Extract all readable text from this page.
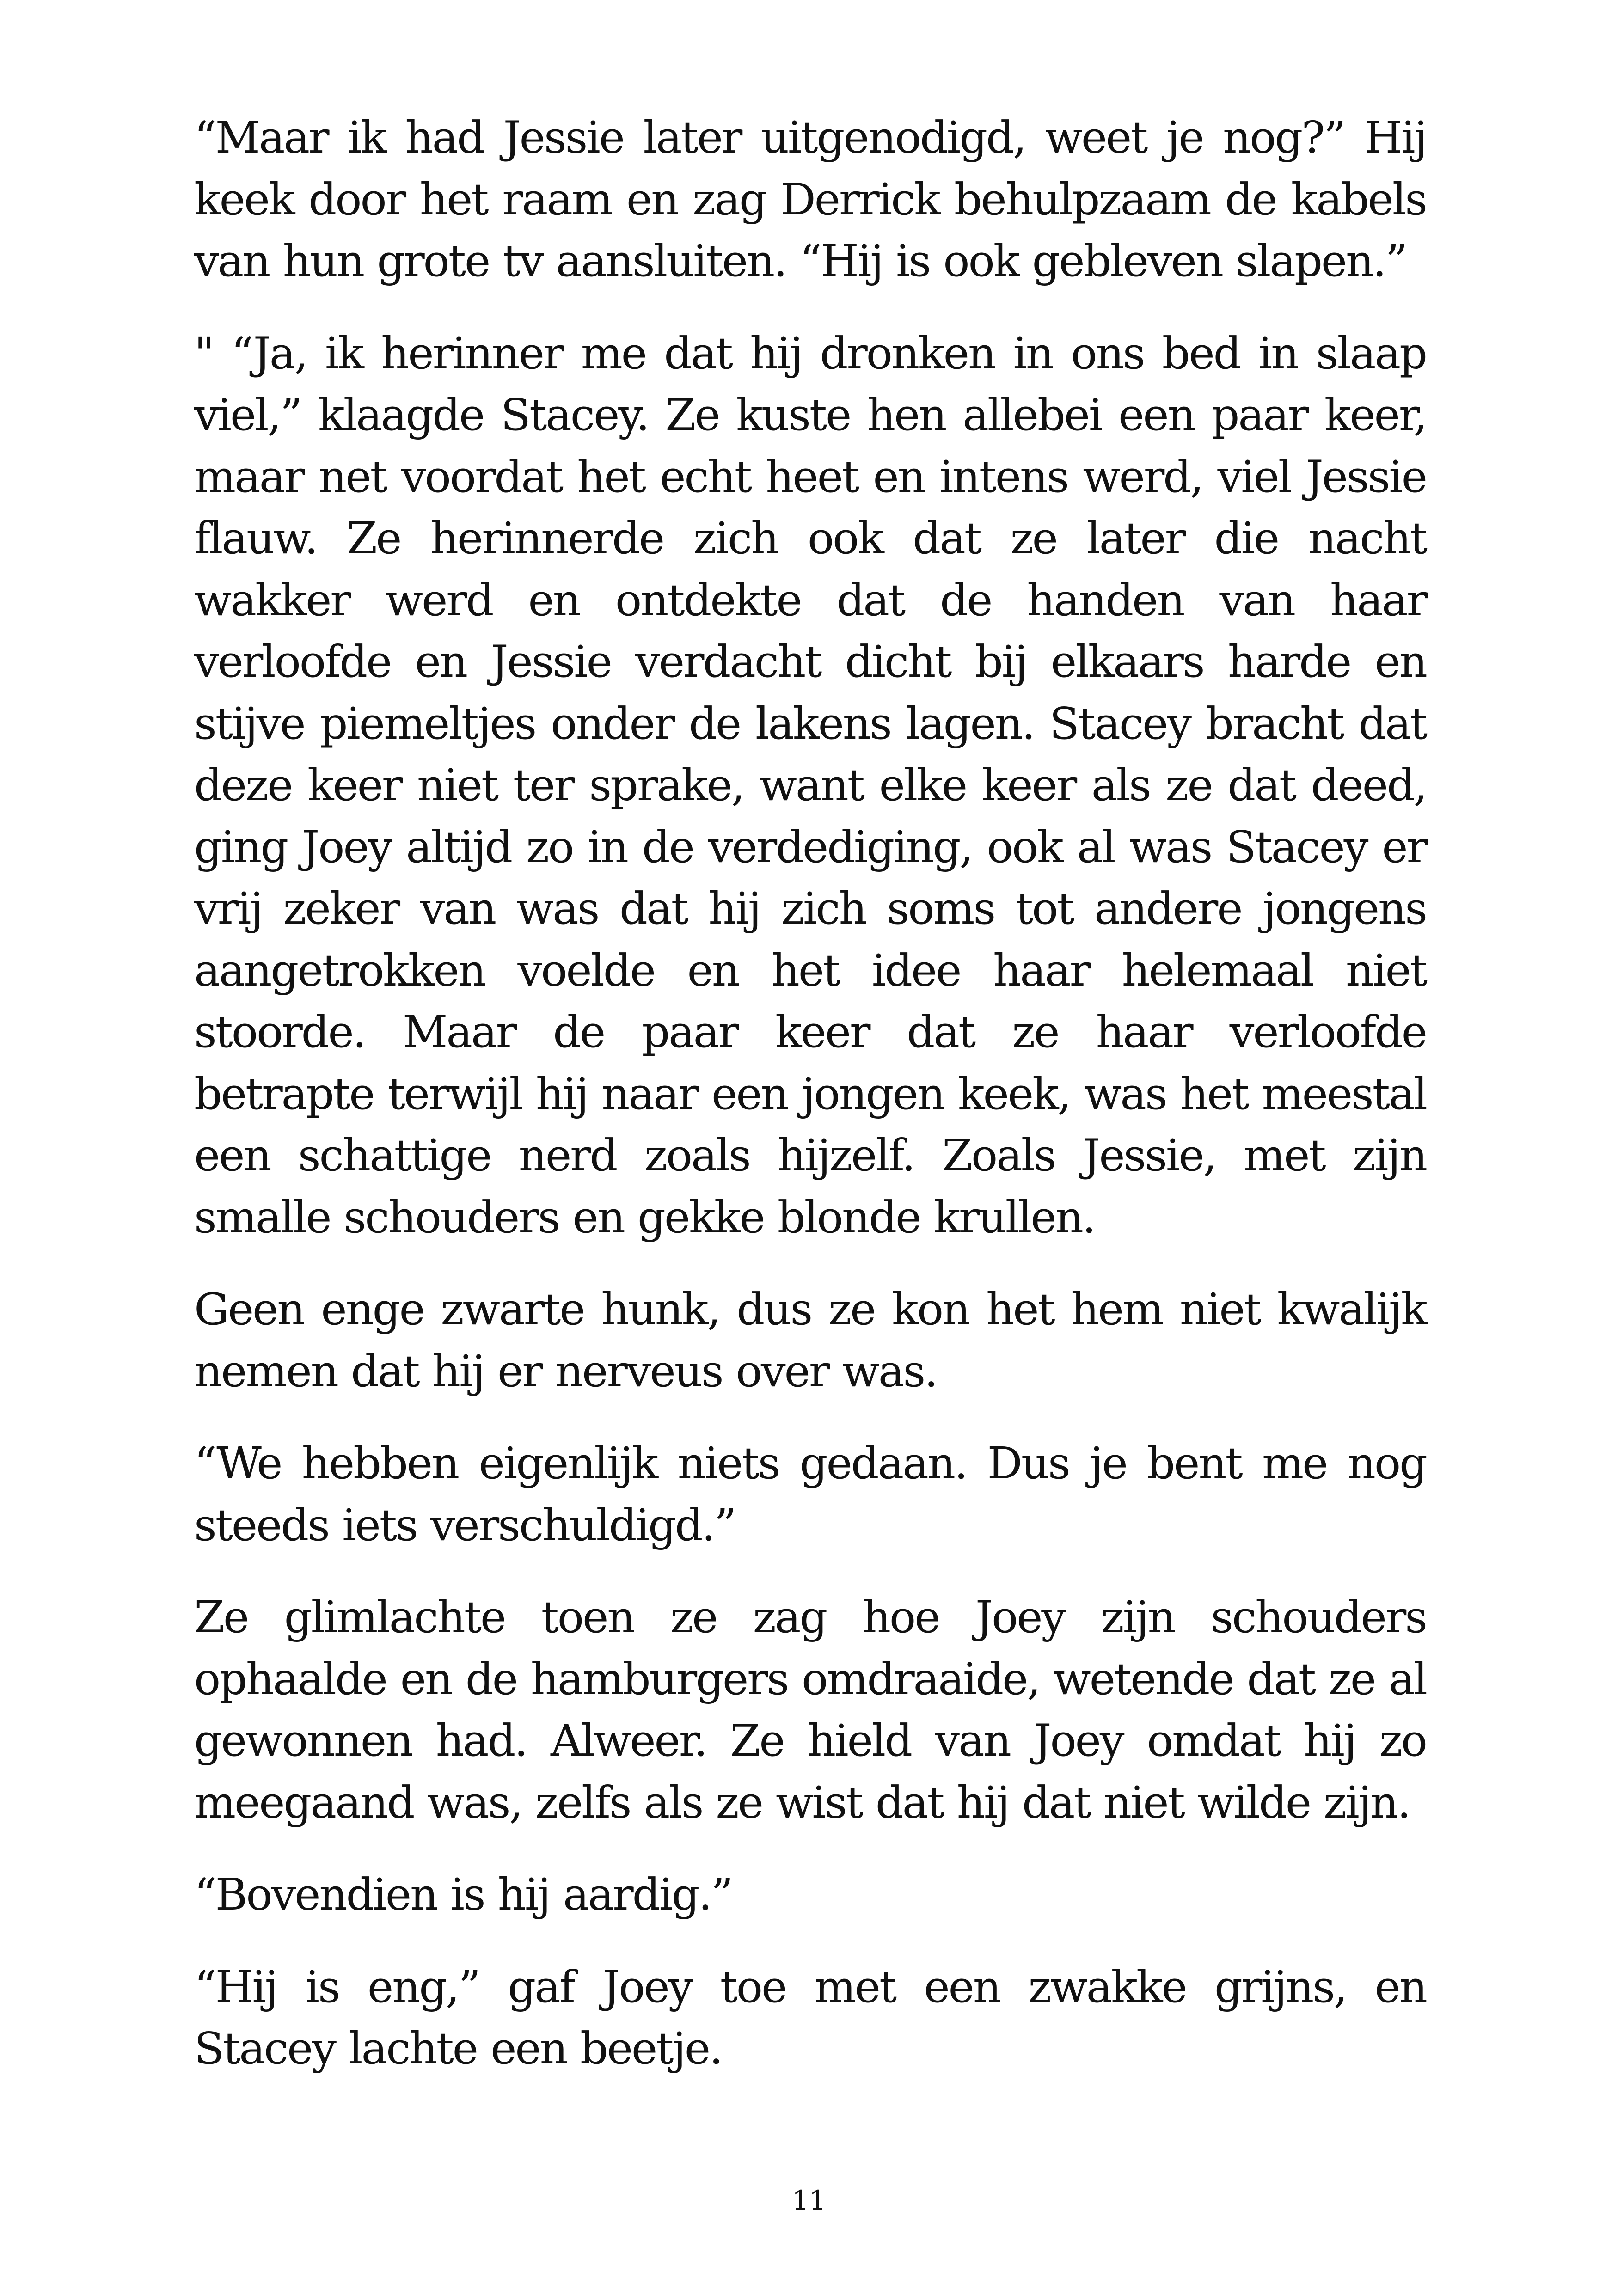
“Maar ik had Jessie later uitgenodigd, weet je nog?” Hij keek door het raam en zag Derrick behulpzaam de kabels van hun grote tv aansluiten. “Hij is ook gebleven slapen.”

" “Ja, ik herinner me dat hij dronken in ons bed in slaap viel,” klaagde Stacey. Ze kuste hen allebei een paar keer, maar net voordat het echt heet en intens werd, viel Jessie flauw. Ze herinnerde zich ook dat ze later die nacht wakker werd en ontdekte dat de handen van haar verloofde en Jessie verdacht dicht bij elkaars harde en stijve piemeltjes onder de lakens lagen. Stacey bracht dat deze keer niet ter sprake, want elke keer als ze dat deed, ging Joey altijd zo in de verdediging, ook al was Stacey er vrij zeker van was dat hij zich soms tot andere jongens aangetrokken voelde en het idee haar helemaal niet stoorde. Maar de paar keer dat ze haar verloofde betrapte terwijl hij naar een jongen keek, was het meestal een schattige nerd zoals hijzelf. Zoals Jessie, met zijn smalle schouders en gekke blonde krullen.

Geen enge zwarte hunk, dus ze kon het hem niet kwalijk nemen dat hij er nerveus over was.

“We hebben eigenlijk niets gedaan. Dus je bent me nog steeds iets verschuldigd.”

Ze glimlachte toen ze zag hoe Joey zijn schouders ophaalde en de hamburgers omdraaide, wetende dat ze al gewonnen had. Alweer. Ze hield van Joey omdat hij zo meegaand was, zelfs als ze wist dat hij dat niet wilde zijn.

“Bovendien is hij aardig.”

“Hij is eng,” gaf Joey toe met een zwakke grijns, en Stacey lachte een beetje.

11
